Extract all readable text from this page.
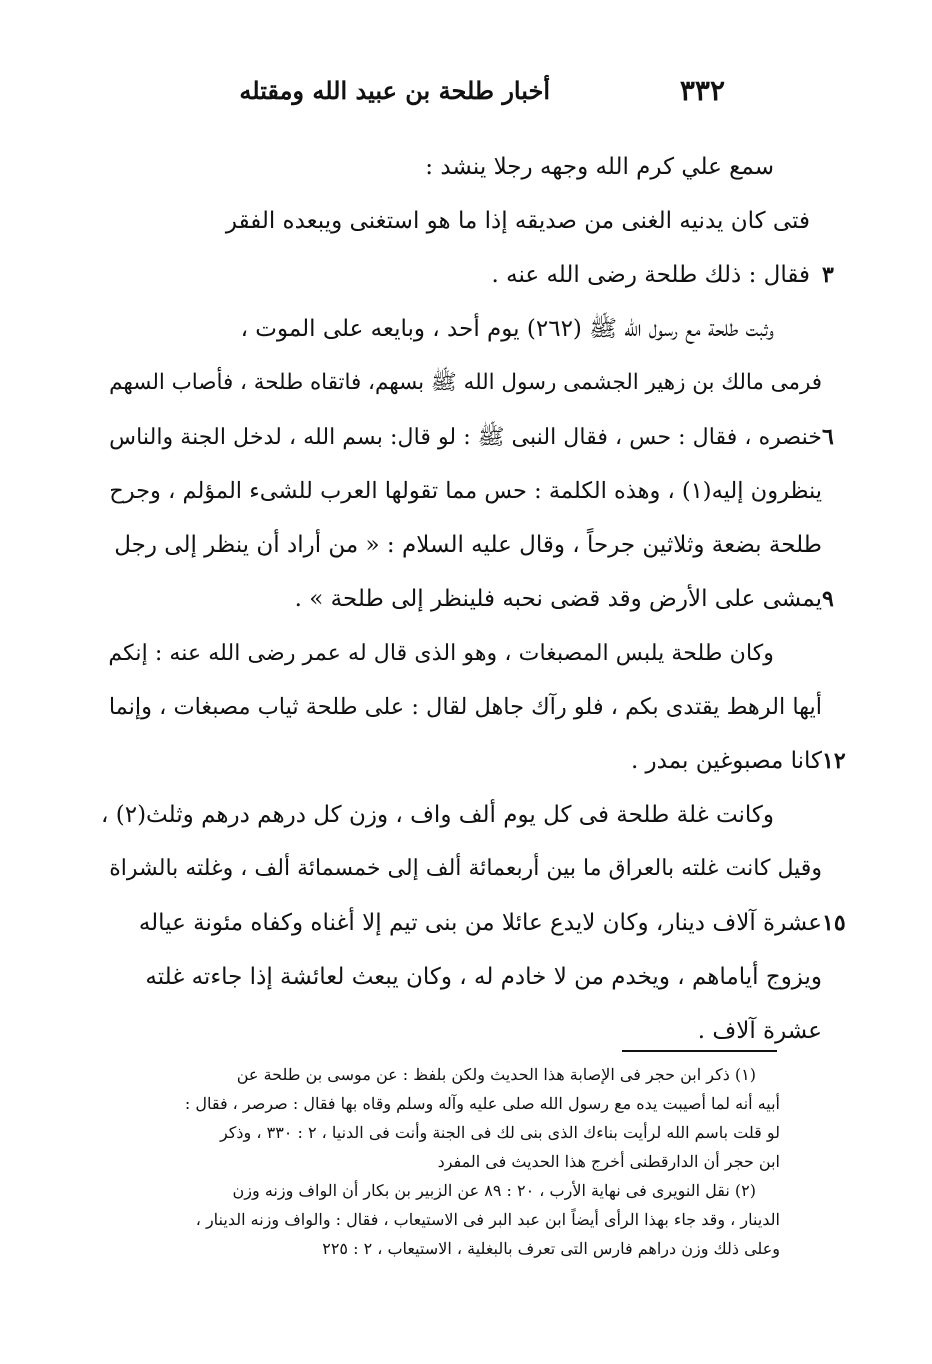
٣٣٢
أخبار طلحة بن عبيد الله ومقتله
سمع علي كرم الله وجهه رجلا ينشد :
فتى كان يدنيه الغنى من صديقه إذا ما هو استغنى ويبعده الفقر
فقال : ذلك طلحة رضى الله عنه . ٣
وثبت طلحة مع رسول الله ﷺ (٢٦٢) يوم أحد ، وبايعه على الموت ،
فرمى مالك بن زهير الجشمى رسول الله ﷺ بسهم، فاتقاه طلحة ، فأصاب السهم
خنصره ، فقال : حس ، فقال النبى ﷺ : لو قال: بسم الله ، لدخل الجنة والناس ٦
ينظرون إليه(١) ، وهذه الكلمة : حس مما تقولها العرب للشىء المؤلم ، وجرح
طلحة بضعة وثلاثين جرحاً ، وقال عليه السلام : « من أراد أن ينظر إلى رجل
يمشى على الأرض وقد قضى نحبه فلينظر إلى طلحة » . ٩
وكان طلحة يلبس المصبغات ، وهو الذى قال له عمر رضى الله عنه : إنكم
أيها الرهط يقتدى بكم ، فلو رآك جاهل لقال : على طلحة ثياب مصبغات ، وإنما
كانا مصبوغين بمدر . ١٢
وكانت غلة طلحة فى كل يوم ألف واف ، وزن كل درهم درهم وثلث(٢) ،
وقيل كانت غلته بالعراق ما بين أربعمائة ألف إلى خمسمائة ألف ، وغلته بالشراة
عشرة آلاف دينار، وكان لايدع عائلا من بنى تيم إلا أغناه وكفاه مئونة عياله ١٥
ويزوج أياماهم ، ويخدم من لا خادم له ، وكان يبعث لعائشة إذا جاءته غلته
عشرة آلاف .
(١) ذكر ابن حجر فى الإصابة هذا الحديث ولكن بلفظ : عن موسى بن طلحة عن
أبيه أنه لما أصيبت يده مع رسول الله صلى عليه وآله وسلم وقاه بها فقال : صرصر ، فقال :
لو قلت باسم الله لرأيت بناءك الذى بنى لك فى الجنة وأنت فى الدنيا ، ٢ : ٣٣٠ ، وذكر
ابن حجر أن الدارقطنى أخرج هذا الحديث فى المفرد
(٢) نقل النويرى فى نهاية الأرب ، ٢٠ : ٨٩ عن الزبير بن بكار أن الواف وزنه وزن
الدينار ، وقد جاء بهذا الرأى أيضاً ابن عبد البر فى الاستيعاب ، فقال : والواف وزنه الدينار ،
وعلى ذلك وزن دراهم فارس التى تعرف بالبغلية ، الاستيعاب ، ٢ : ٢٢٥
